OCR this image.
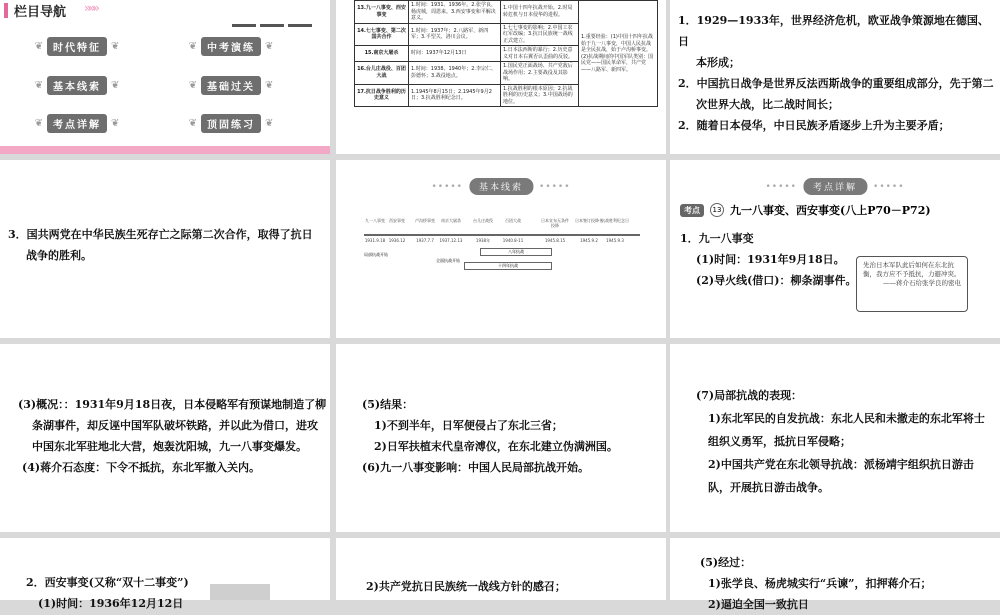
栏目导航 »»»
❦	时代特征	❦	❦	中考演练	❦
❦	基本线索	❦	❦	基础过关	❦
❦	考点详解	❦	❦	顶固练习	❦
13.九一八事变、西安事变	1.时间：1931、1936年。2.张学良，杨虎城，周恩来。3.西安事变和平解决意义。	1.中国十四年抗战开始。2.时局转危机与日本侵华的进程。	1.重要经验：(1)中国十四年抗战始于九一八事变，中国人民抗战是全民抗战，始于卢沟桥事变。(2)抗战期间的中国军队类别：国民党——国民革命军，共产党——八路军、新四军。
14.七七事变、第二次国共合作	1.时间：1937年；2.八路军，新四军；3.平型关、洛川会议。	1.七七事变的影响；2.中国工农红军改编；3.抗日民族统一战线正式建立。	
15.南京大屠杀	时间：1937年12月13日	1.日本法西斯的暴行；2.历史意义对日本右翼否认歪曲的反驳。	
16.台儿庄战役、百团大战	1.时间：1938、1940年；2.李宗仁、彭德怀；3.战役地点。	1.国民党正面战场、共产党敌后战场作用；2.主要战役及其影响。	
17.抗日战争胜利的历史意义	1.1945年8月15日；2.1945年9月2日；3.抗战胜利纪念日。	1.抗战胜利的根本原因；2.抗战胜利的历史意义；3.中国战场的地位。	
1．1929—1933年，世界经济危机，欧亚战争策源地在德国、日
本形成；
2．中国抗日战争是世界反法西斯战争的重要组成部分，先于第二
次世界大战，比二战时间长；
2．随着日本侵华，中日民族矛盾逐步上升为主要矛盾；
3．国共两党在中华民族生死存亡之际第二次合作，取得了抗日
战争的胜利。
•••••	基本线索	•••••
九一八事变	西安事变	卢沟桥事变	南京大屠杀	台儿庄战役	百团大战	日本宣布无条件投降
日本签订投降书
抗战胜利纪念日
1931.9.18 1936.12	1937.7.7	1937.12.13	1938年	1940.8-11	1945.8.15	1945.9.2	1945.9.3
局部抗战开始
全面抗战开始
八年抗战
十四年抗战
•••••	考点详解	•••••
考点	13 九一八事变、西安事变(八上P70－P72)
1．九一八事变
(1)时间：1931年9月18日。
(2)导火线(借口)：柳条湖事件。
先治日本军队此后如何在东北抗衡，我方应不予抵抗，力避冲突。
——蒋介石给张学良的密电
(3)概况：：1931年9月18日夜，日本侵略军有预谋地制造了柳
条湖事件，却反诬中国军队破坏铁路，并以此为借口，进攻
中国东北军驻地北大营，炮轰沈阳城，九一八事变爆发。
(4)蒋介石态度：下令不抵抗，东北军撤入关内。
(5)结果：
1)不到半年，日军便侵占了东北三省；
2)日军扶植末代皇帝溥仪，在东北建立伪满洲国。
(6)九一八事变影响：中国人民局部抗战开始。
(7)局部抗战的表现：
1)东北军民的自发抗战：东北人民和未撤走的东北军将士
组织义勇军，抵抗日军侵略；
2)中国共产党在东北领导抗战：派杨靖宇组织抗日游击
队，开展抗日游击战争。
2．西安事变(又称“双十二事变”)
(1)时间：1936年12月12日
2)共产党抗日民族统一战线方针的感召；
(5)经过：
1)张学良、杨虎城实行“兵谏”，扣押蒋介石；
2)逼迫全国一致抗日
